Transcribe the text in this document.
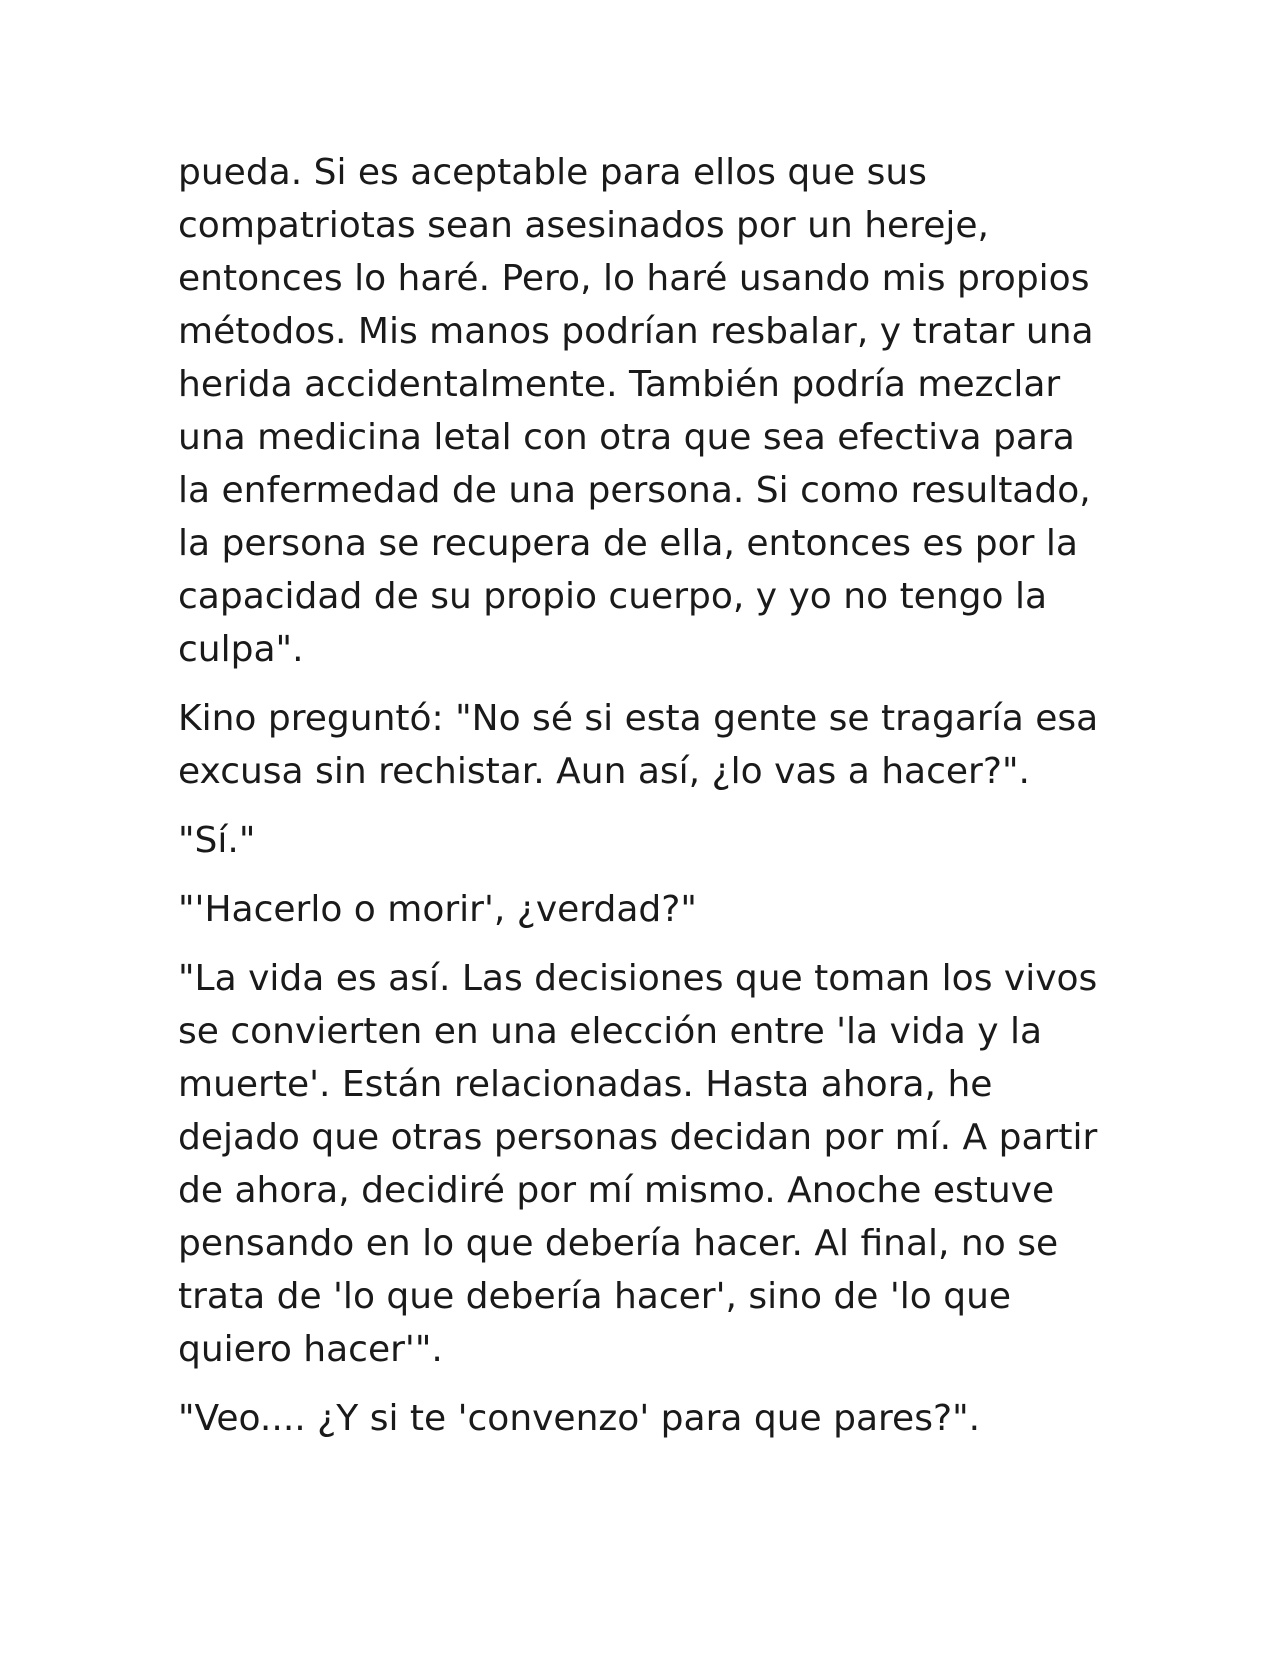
pueda. Si es aceptable para ellos que sus compatriotas sean asesinados por un hereje, entonces lo haré. Pero, lo haré usando mis propios métodos. Mis manos podrían resbalar, y tratar una herida accidentalmente. También podría mezclar una medicina letal con otra que sea efectiva para la enfermedad de una persona. Si como resultado, la persona se recupera de ella, entonces es por la capacidad de su propio cuerpo, y yo no tengo la culpa".

Kino preguntó: "No sé si esta gente se tragaría esa excusa sin rechistar. Aun así, ¿lo vas a hacer?".

"Sí."

"'Hacerlo o morir', ¿verdad?"

"La vida es así. Las decisiones que toman los vivos se convierten en una elección entre 'la vida y la muerte'. Están relacionadas. Hasta ahora, he dejado que otras personas decidan por mí. A partir de ahora, decidiré por mí mismo. Anoche estuve pensando en lo que debería hacer. Al final, no se trata de 'lo que debería hacer', sino de 'lo que quiero hacer'".

"Veo.... ¿Y si te 'convenzo' para que pares?".
